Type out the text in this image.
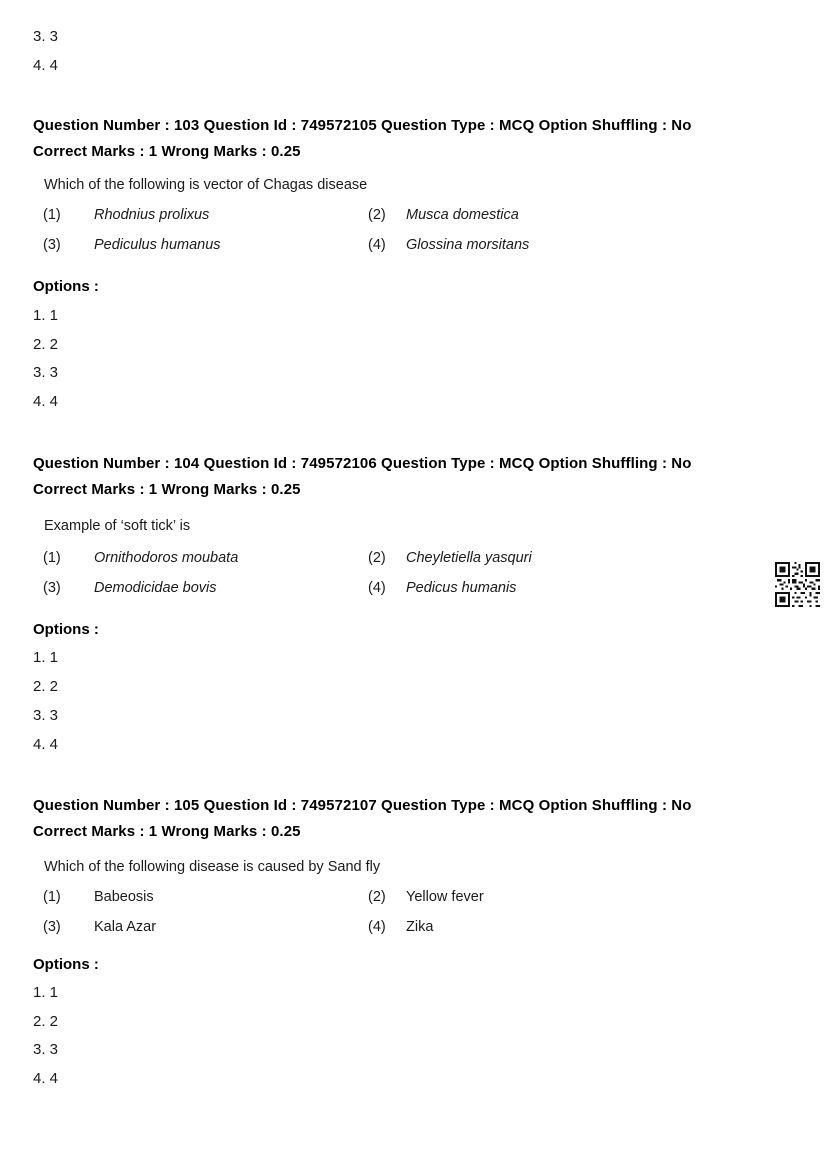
3. 3
4. 4
Question Number : 103 Question Id : 749572105 Question Type : MCQ Option Shuffling : No
Correct Marks : 1 Wrong Marks : 0.25
Which of the following is vector of Chagas disease
(1) Rhodnius prolixus	(2) Musca domestica
(3) Pediculus humanus	(4) Glossina morsitans
Options :
1. 1
2. 2
3. 3
4. 4
Question Number : 104 Question Id : 749572106 Question Type : MCQ Option Shuffling : No
Correct Marks : 1 Wrong Marks : 0.25
Example of ‘soft tick’ is
(1) Ornithodoros moubata	(2) Cheyletiella yasquri
(3) Demodicidae bovis	(4) Pedicus humanis
Options :
1. 1
2. 2
3. 3
4. 4
Question Number : 105 Question Id : 749572107 Question Type : MCQ Option Shuffling : No
Correct Marks : 1 Wrong Marks : 0.25
Which of the following disease is caused by Sand fly
(1) Babeosis	(2) Yellow fever
(3) Kala Azar	(4) Zika
Options :
1. 1
2. 2
3. 3
4. 4
